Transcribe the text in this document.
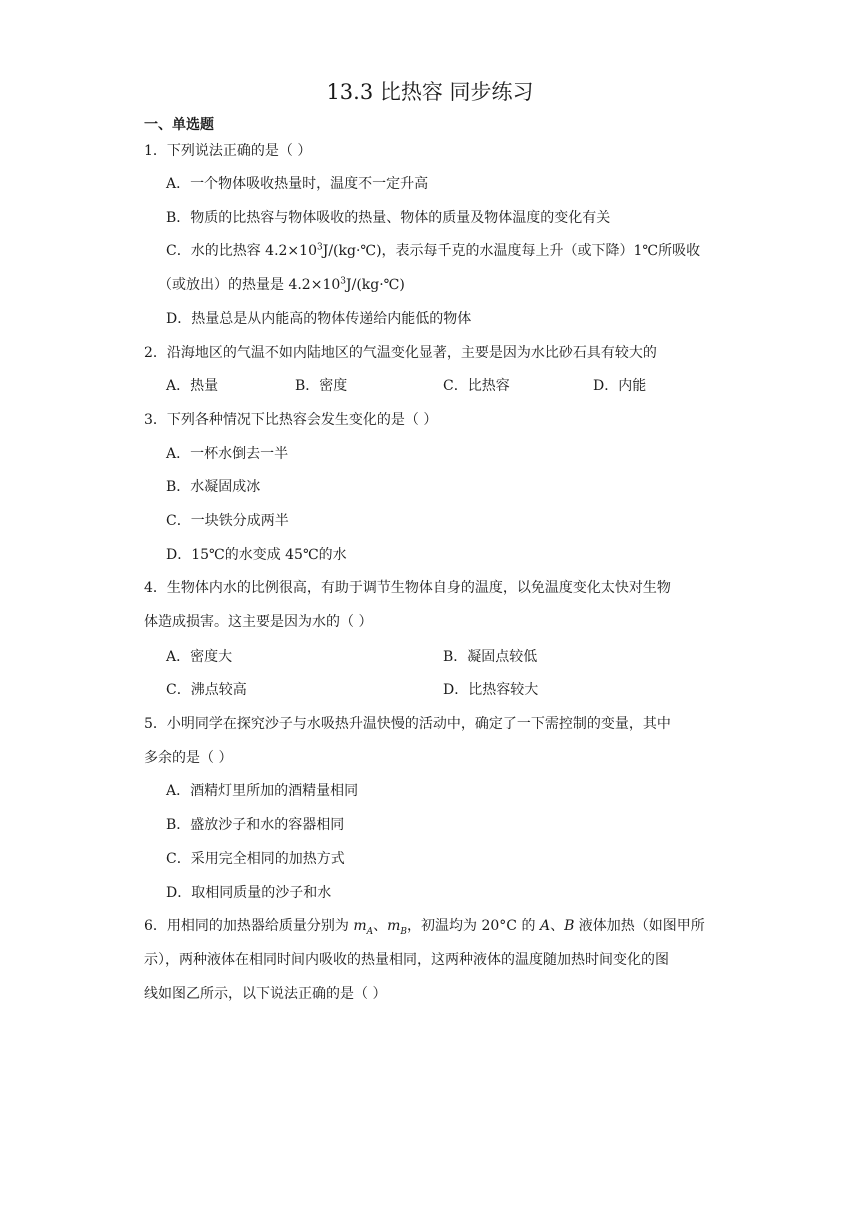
13.3 比热容 同步练习
一、单选题
1．下列说法正确的是（ ）
A．一个物体吸收热量时，温度不一定升高
B．物质的比热容与物体吸收的热量、物体的质量及物体温度的变化有关
C．水的比热容 $4.2\times 10^3J/(kg\cdot℃)$，表示每千克的水温度每上升（或下降）1℃所吸收
（或放出）的热量是 $4.2\times 10^3J/(kg\cdot℃)$
D．热量总是从内能高的物体传递给内能低的物体
2．沿海地区的气温不如内陆地区的气温变化显著，主要是因为水比砂石具有较大的
A．热量	B．密度	C．比热容	D．内能
3．下列各种情况下比热容会发生变化的是（ ）
A．一杯水倒去一半
B．水凝固成冰
C．一块铁分成两半
D．15℃的水变成 45℃的水
4．生物体内水的比例很高，有助于调节生物体自身的温度，以免温度变化太快对生物
体造成损害。这主要是因为水的（ ）
A．密度大	B．凝固点较低
C．沸点较高	D．比热容较大
5．小明同学在探究沙子与水吸热升温快慢的活动中，确定了一下需控制的变量，其中
多余的是（ ）
A．酒精灯里所加的酒精量相同
B．盛放沙子和水的容器相同
C．采用完全相同的加热方式
D．取相同质量的沙子和水
6．用相同的加热器给质量分别为 $m_A$、$m_B$，初温均为 20°C 的 A、B 液体加热（如图甲所
示），两种液体在相同时间内吸收的热量相同，这两种液体的温度随加热时间变化的图
线如图乙所示，以下说法正确的是（ ）
